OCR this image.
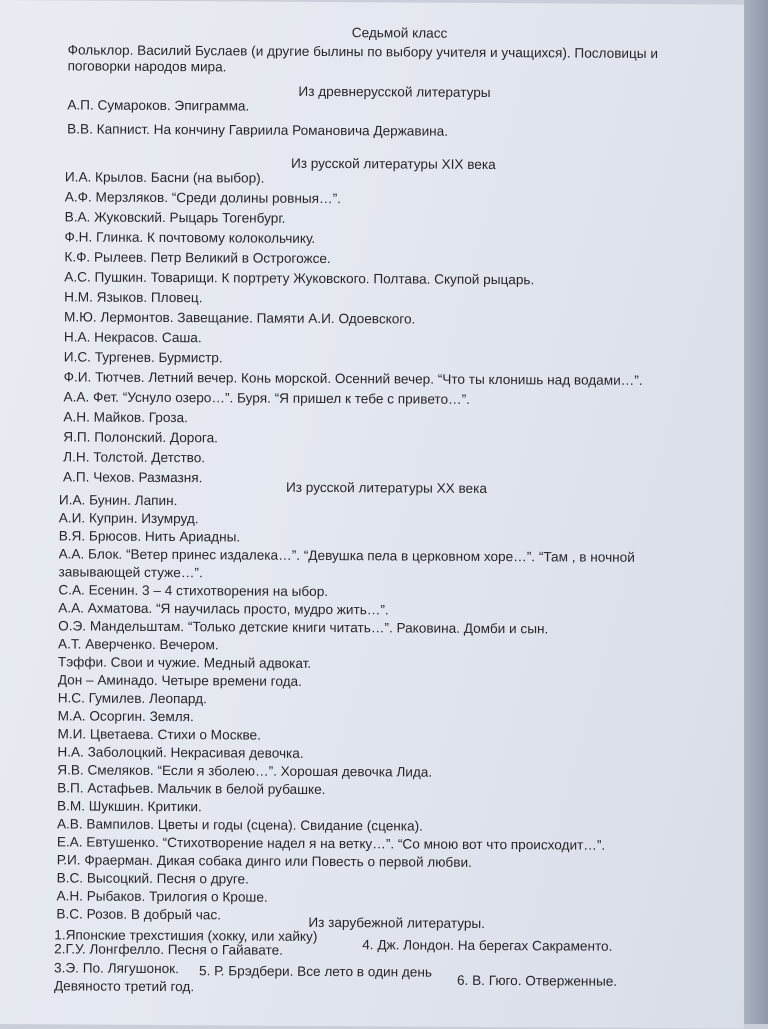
Седьмой класс
Фольклор. Василий Буслаев (и другие былины по выбору учителя и учащихся). Пословицы и
поговорки народов мира.
Из древнерусской литературы
А.П. Сумароков. Эпиграмма.
В.В. Капнист. На кончину Гавриила Романовича Державина.
Из русской литературы XIX века
И.А. Крылов. Басни (на выбор).
А.Ф. Мерзляков. “Среди долины ровныя…”.
В.А. Жуковский. Рыцарь Тогенбург.
Ф.Н. Глинка. К почтовому колокольчику.
К.Ф. Рылеев. Петр Великий в Острогожсе.
А.С. Пушкин. Товарищи. К портрету Жуковского. Полтава. Скупой рыцарь.
Н.М. Языков. Пловец.
М.Ю. Лермонтов. Завещание. Памяти А.И. Одоевского.
Н.А. Некрасов. Саша.
И.С. Тургенев. Бурмистр.
Ф.И. Тютчев. Летний вечер. Конь морской. Осенний вечер. “Что ты клонишь над водами…”.
А.А. Фет. “Уснуло озеро…”. Буря. “Я пришел к тебе с привето…”.
А.Н. Майков. Гроза.
Я.П. Полонский. Дорога.
Л.Н. Толстой. Детство.
А.П. Чехов. Размазня.
Из русской литературы XX века
И.А. Бунин. Лапин.
А.И. Куприн. Изумруд.
В.Я. Брюсов. Нить Ариадны.
А.А. Блок. “Ветер принес издалека…”. “Девушка пела в церковном хоре…”. “Там , в ночной
завывающей стуже…”.
С.А. Есенин. 3 – 4 стихотворения на ыбор.
А.А. Ахматова. “Я научилась просто, мудро жить…”.
О.Э. Мандельштам. “Только детские книги читать…”. Раковина. Домби и сын.
А.Т. Аверченко. Вечером.
Тэффи. Свои и чужие. Медный адвокат.
Дон – Аминадо. Четыре времени года.
Н.С. Гумилев. Леопард.
М.А. Осоргин. Земля.
М.И. Цветаева. Стихи о Москве.
Н.А. Заболоцкий. Некрасивая девочка.
Я.В. Смеляков. “Если я зболею…”. Хорошая девочка Лида.
В.П. Астафьев. Мальчик в белой рубашке.
В.М. Шукшин. Критики.
А.В. Вампилов. Цветы и годы (сцена). Свидание (сценка).
Е.А. Евтушенко. “Стихотворение надел я на ветку…”. “Со мною вот что происходит…”.
Р.И. Фраерман. Дикая собака динго или Повесть о первой любви.
В.С. Высоцкий. Песня о друге.
А.Н. Рыбаков. Трилогия о Кроше.
В.С. Розов. В добрый час.
Из зарубежной литературы.
1.Японские трехстишия (хокку, или хайку)
4. Дж. Лондон. На берегах Сакраменто.
2.Г.У. Лонгфелло. Песня о Гайавате.
3.Э. По. Лягушонок. 5. Р. Брэдбери. Все лето в один день
6. В. Гюго. Отверженные.
Девяносто третий год.
